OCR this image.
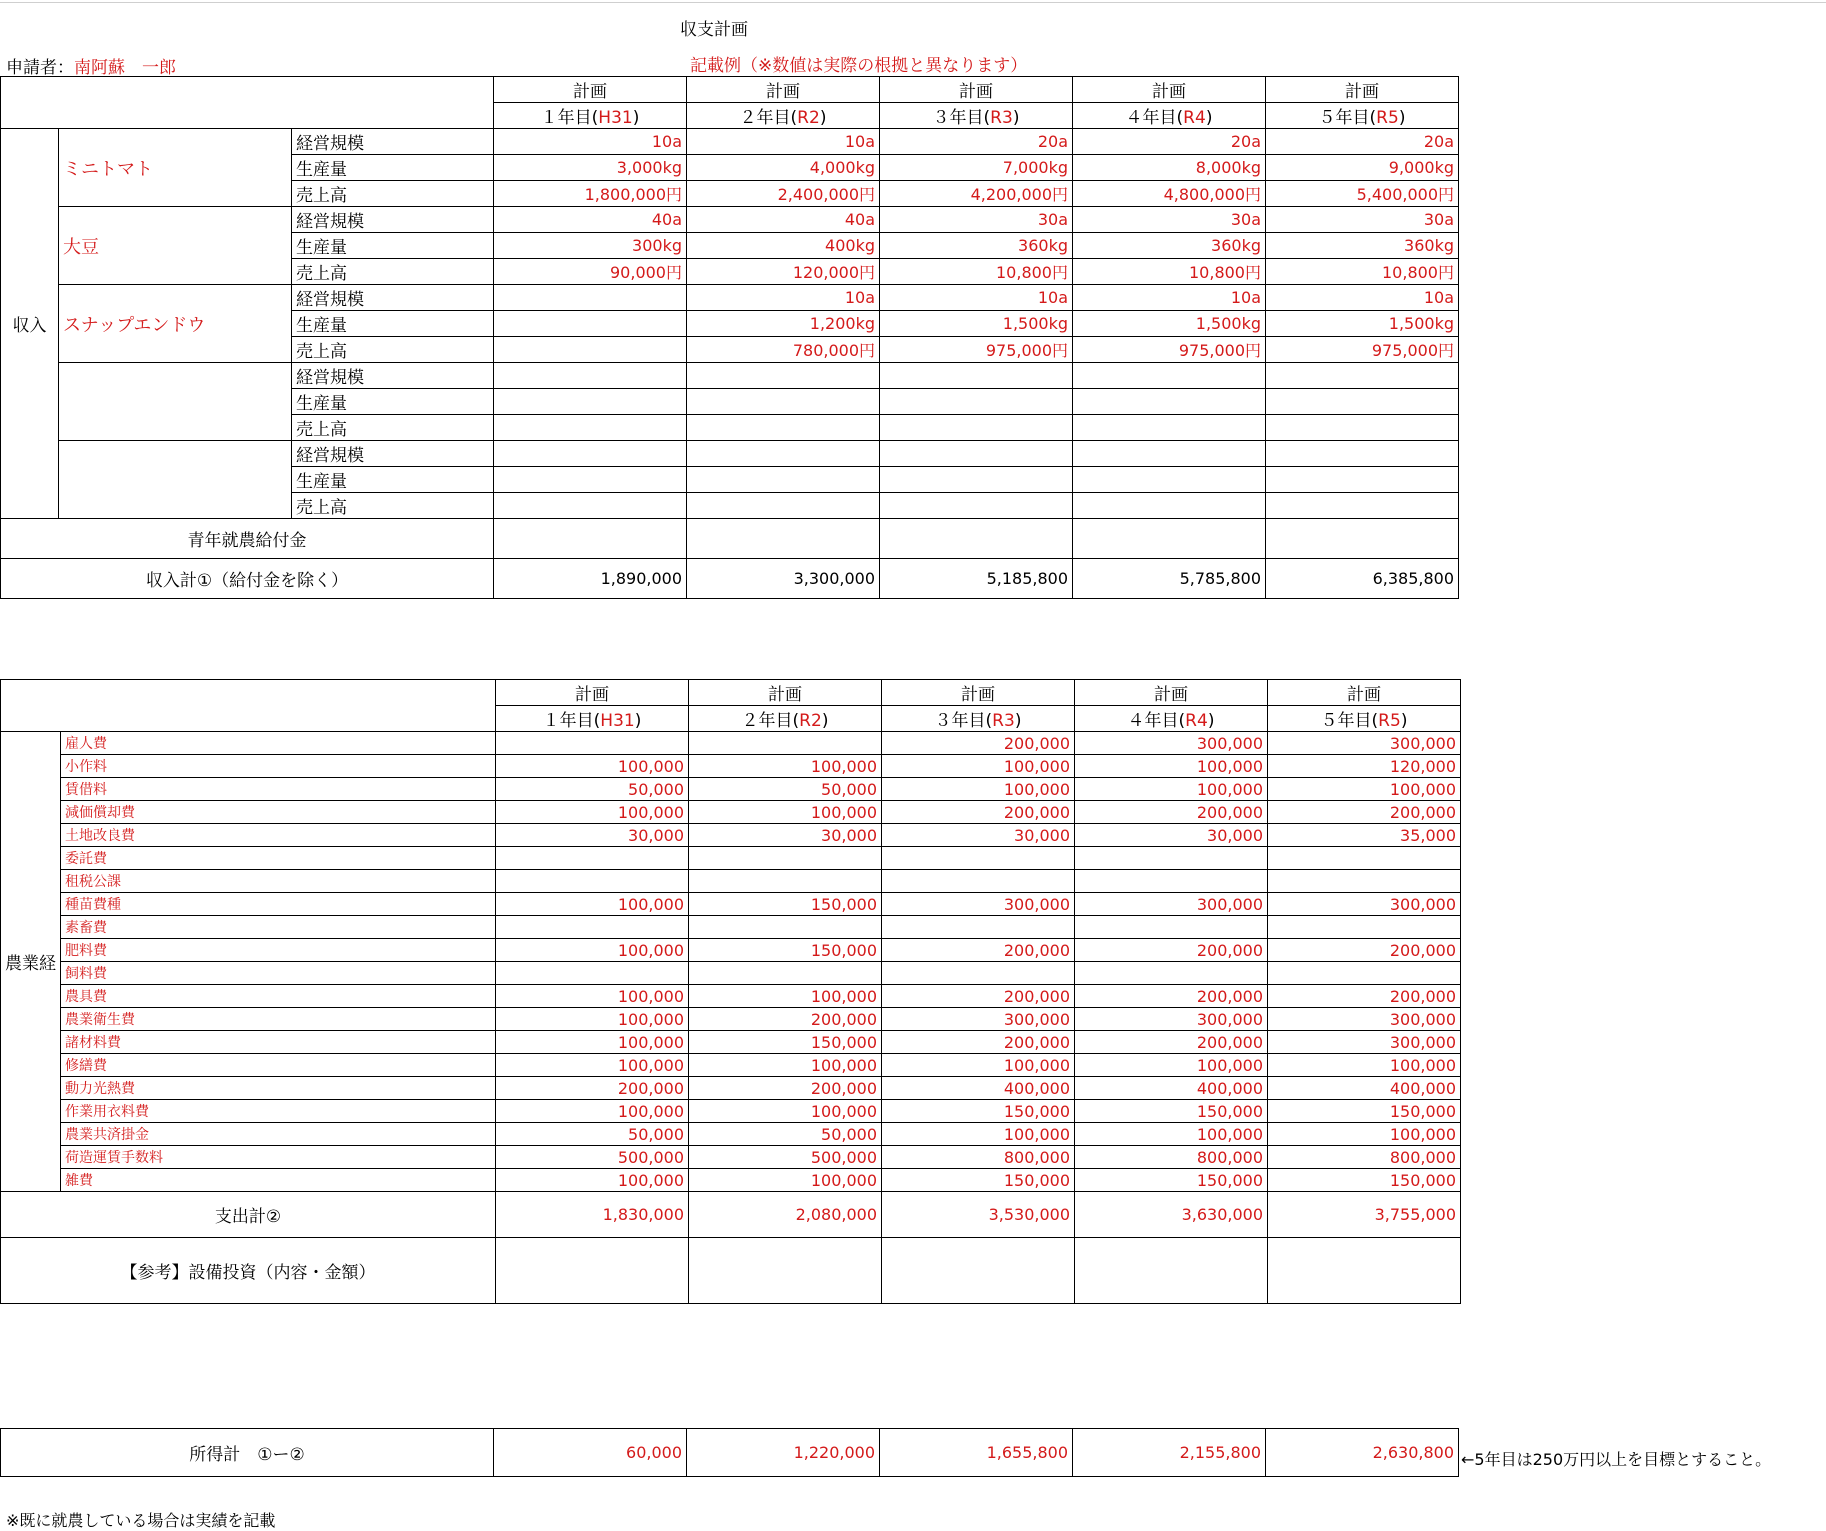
収支計画
申請者：南阿蘇　一郎	記載例（※数値は実際の根拠と異なります）
			計画	計画	計画	計画	計画
			１年目(H31)	２年目(R2)	３年目(R3)	４年目(R4)	５年目(R5)
収入	ミニトマト	経営規模	10a	10a	20a	20a	20a
		生産量	3,000kg	4,000kg	7,000kg	8,000kg	9,000kg
		売上高	1,800,000円	2,400,000円	4,200,000円	4,800,000円	5,400,000円
	大豆	経営規模	40a	40a	30a	30a	30a
		生産量	300kg	400kg	360kg	360kg	360kg
		売上高	90,000円	120,000円	10,800円	10,800円	10,800円
	スナップエンドウ	経営規模		10a	10a	10a	10a
		生産量		1,200kg	1,500kg	1,500kg	1,500kg
		売上高		780,000円	975,000円	975,000円	975,000円
		経営規模					
		生産量					
		売上高					
		経営規模					
		生産量					
		売上高					
青年就農給付金							
収入計①（給付金を除く）			1,890,000	3,300,000	5,185,800	5,785,800	6,385,800
		計画	計画	計画	計画	計画
		１年目(H31)	２年目(R2)	３年目(R3)	４年目(R4)	５年目(R5)
農業経	雇人費			200,000	300,000	300,000
	小作料	100,000	100,000	100,000	100,000	120,000
	賃借料	50,000	50,000	100,000	100,000	100,000
	減価償却費	100,000	100,000	200,000	200,000	200,000
	土地改良費	30,000	30,000	30,000	30,000	35,000
	委託費					
	租税公課					
	種苗費種	100,000	150,000	300,000	300,000	300,000
	素畜費					
	肥料費	100,000	150,000	200,000	200,000	200,000
	飼料費					
	農具費	100,000	100,000	200,000	200,000	200,000
	農業衛生費	100,000	200,000	300,000	300,000	300,000
	諸材料費	100,000	150,000	200,000	200,000	300,000
	修繕費	100,000	100,000	100,000	100,000	100,000
	動力光熱費	200,000	200,000	400,000	400,000	400,000
	作業用衣料費	100,000	100,000	150,000	150,000	150,000
	農業共済掛金	50,000	50,000	100,000	100,000	100,000
	荷造運賃手数料	500,000	500,000	800,000	800,000	800,000
	雑費	100,000	100,000	150,000	150,000	150,000
支出計②		1,830,000	2,080,000	3,530,000	3,630,000	3,755,000
【参考】設備投資（内容・金額）						
所得計　①ー②	60,000	1,220,000	1,655,800	2,155,800	2,630,800 ←5年目は250万円以上を目標とすること。
※既に就農している場合は実績を記載
